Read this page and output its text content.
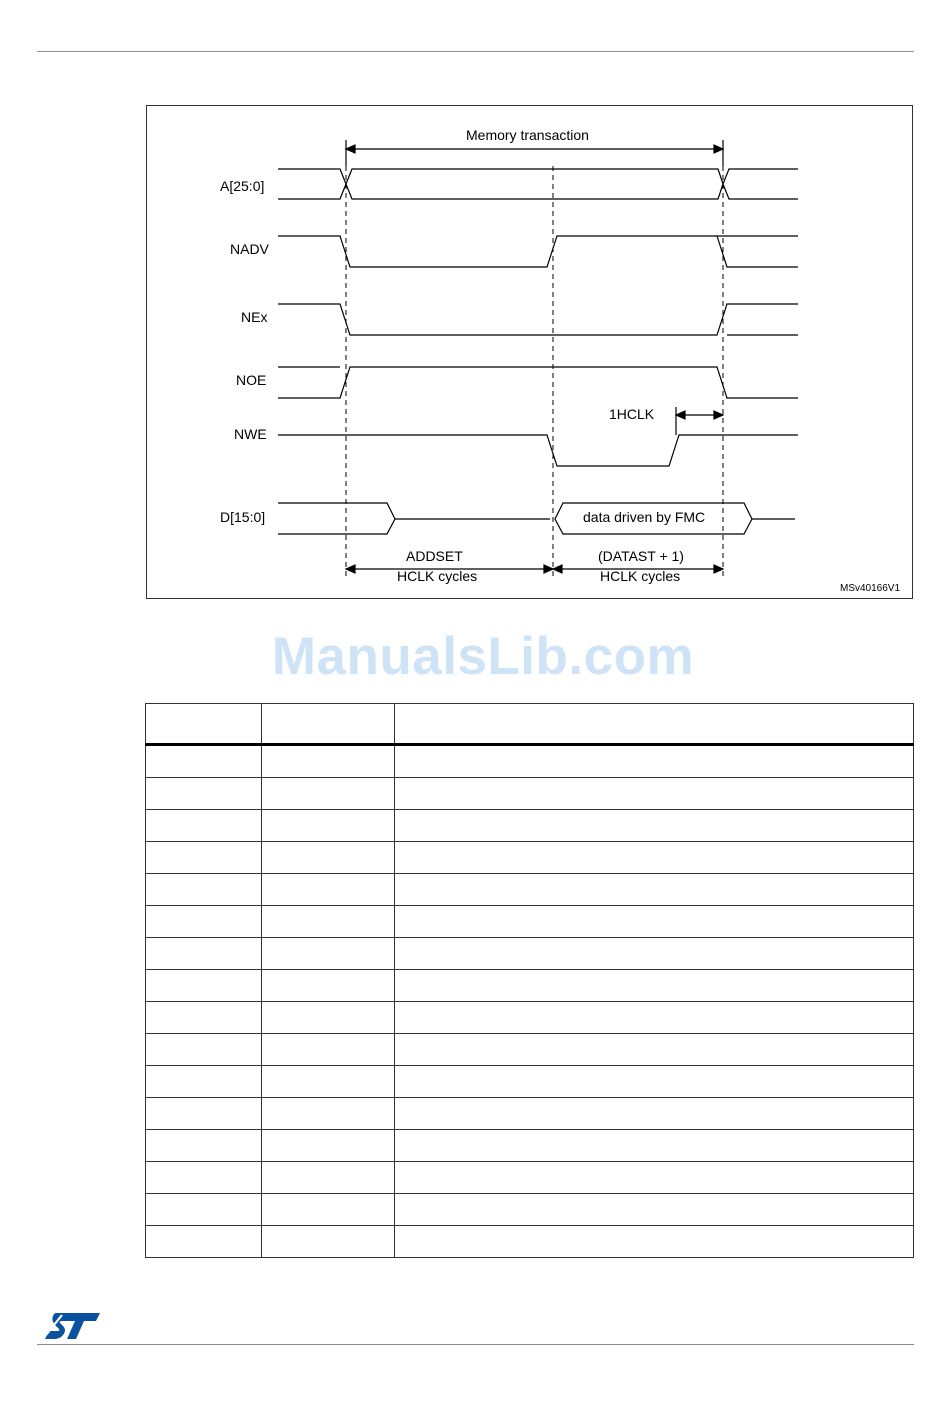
Memory transaction
A[25:0]
NADV
NEx
NOE
NWE
D[15:0]
1HCLK
data driven by FMC
ADDSET
HCLK cycles
(DATAST + 1)
HCLK cycles
MSv40166V1
ManualsLib.com
